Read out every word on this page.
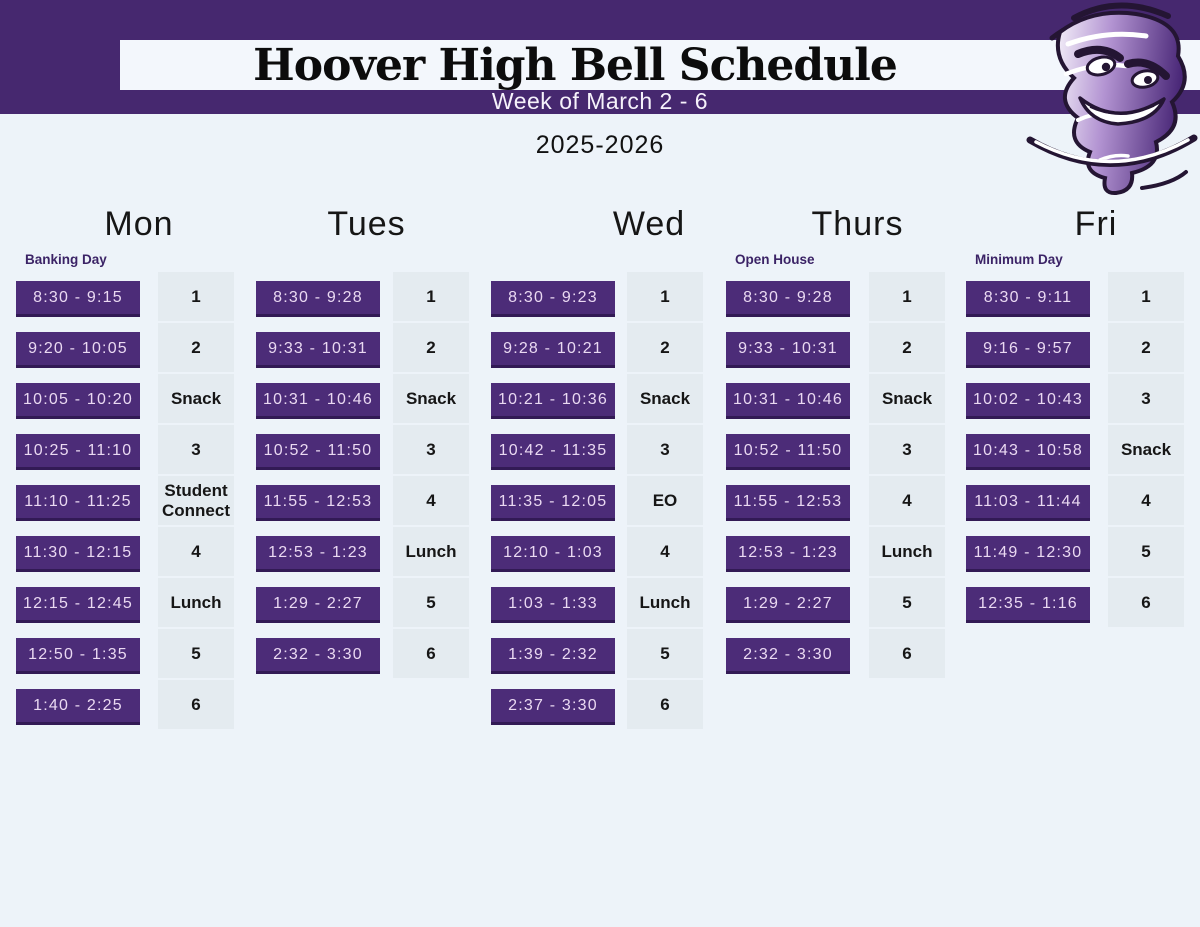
Hoover High Bell Schedule
Week of March 2 - 6
2025-2026
Mon
Banking Day
8:30 - 9:15
9:20 - 10:05
10:05 - 10:20
10:25 - 11:10
11:10 - 11:25
11:30 - 12:15
12:15 - 12:45
12:50 - 1:35
1:40 - 2:25
1
2
Snack
3
Student Connect
4
Lunch
5
6
Tues
8:30 - 9:28
9:33 - 10:31
10:31 - 10:46
10:52 - 11:50
11:55 - 12:53
12:53 - 1:23
1:29 - 2:27
2:32 - 3:30
1
2
Snack
3
4
Lunch
5
6
Wed
8:30 - 9:23
9:28 - 10:21
10:21 - 10:36
10:42 - 11:35
11:35 - 12:05
12:10 - 1:03
1:03 - 1:33
1:39 - 2:32
2:37 - 3:30
1
2
Snack
3
EO
4
Lunch
5
6
Thurs
Open House
8:30 - 9:28
9:33 - 10:31
10:31 - 10:46
10:52 - 11:50
11:55 - 12:53
12:53 - 1:23
1:29 - 2:27
2:32 - 3:30
1
2
Snack
3
4
Lunch
5
6
Fri
Minimum Day
8:30 - 9:11
9:16 - 9:57
10:02 - 10:43
10:43 - 10:58
11:03 - 11:44
11:49 - 12:30
12:35 - 1:16
1
2
3
Snack
4
5
6
